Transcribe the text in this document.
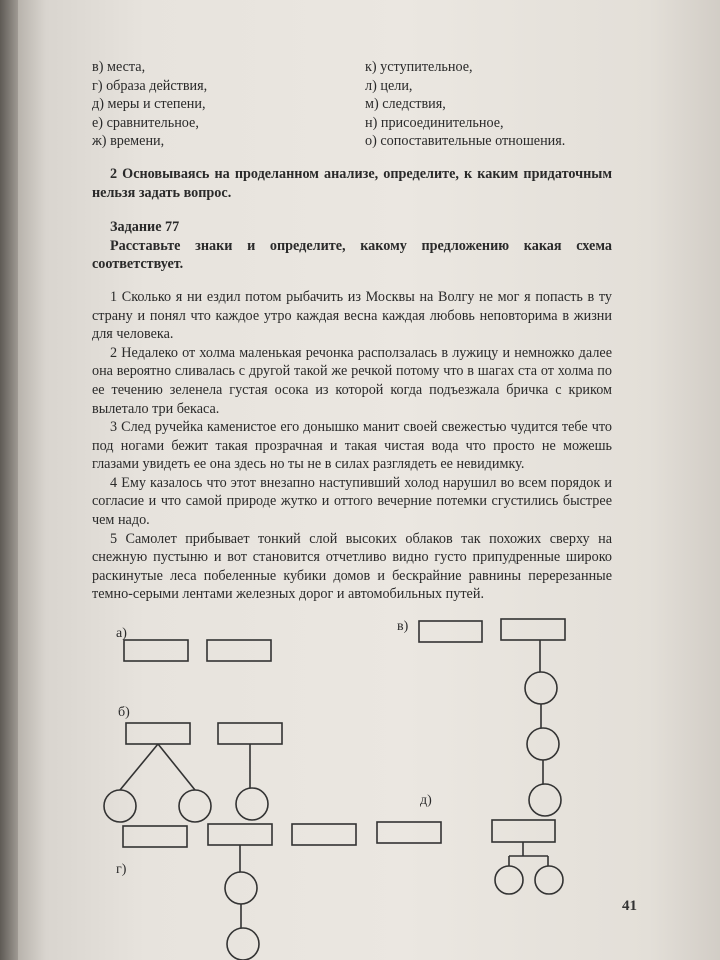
в) места,
г) образа действия,
д) меры и степени,
е) сравнительное,
ж) времени,
к) уступительное,
л) цели,
м) следствия,
н) присоединительное,
о) сопоставительные отношения.
2 Основываясь на проделанном анализе, определите, к каким придаточным нельзя задать вопрос.
Задание 77
Расставьте знаки и определите, какому предложению какая схема соответствует.

1 Сколько я ни ездил потом рыбачить из Москвы на Волгу не мог я попасть в ту страну и понял что каждое утро каждая весна каждая любовь неповторима в жизни для человека.

2 Недалеко от холма маленькая речонка расползалась в лужицу и немножко далее она вероятно сливалась с другой такой же речкой потому что в шагах ста от холма по ее течению зеленела густая осока из которой когда подъезжала бричка с криком вылетало три бекаса.

3 След ручейка каменистое его донышко манит своей свежестью чудится тебе что под ногами бежит такая прозрачная и такая чистая вода что просто не можешь глазами увидеть ее она здесь но ты не в силах разглядеть ее невидимку.

4 Ему казалось что этот внезапно наступивший холод нарушил во всем порядок и согласие и что самой природе жутко и оттого вечерние потемки сгустились быстрее чем надо.

5 Самолет прибывает тонкий слой высоких облаков так похожих сверху на снежную пустыню и вот становится отчетливо видно густо припудренные широко раскинутые леса побеленные кубики домов и бескрайние равнины перерезанные темно-серыми лентами железных дорог и автомобильных путей.

а)
б)
в)
г)
д)
41
